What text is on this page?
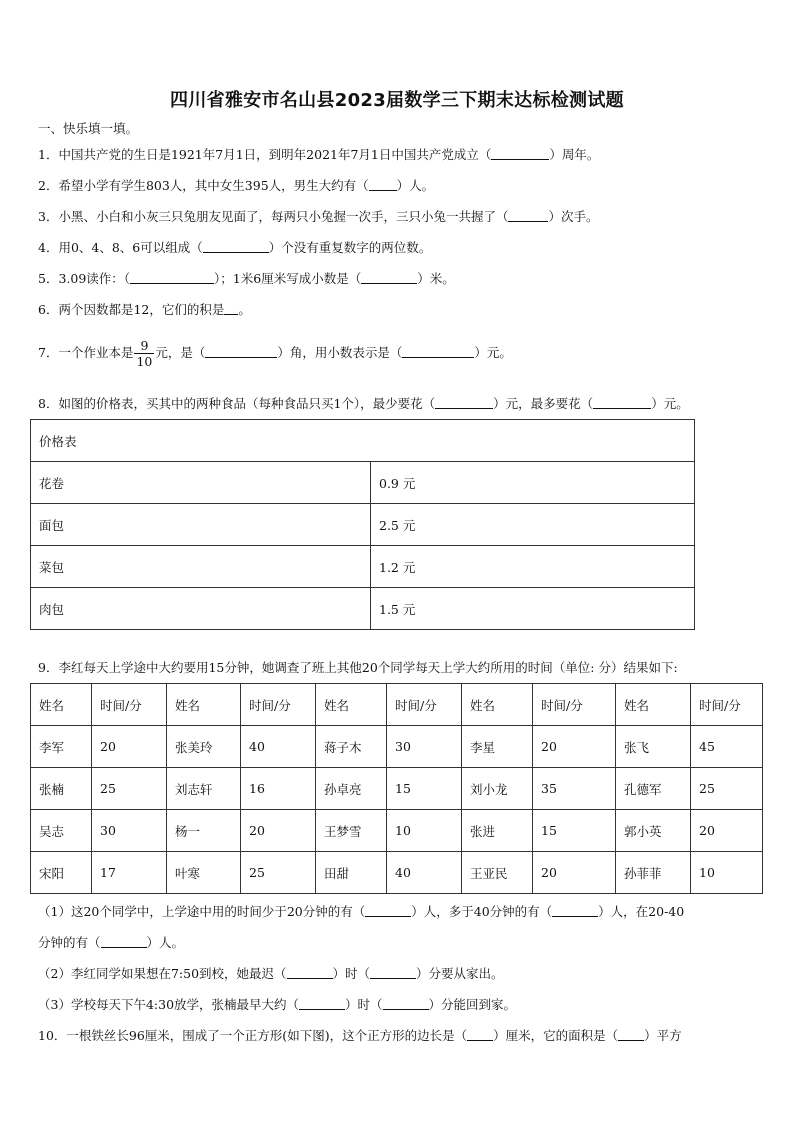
四川省雅安市名山县2023届数学三下期末达标检测试题
一、快乐填一填。
1．中国共产党的生日是1921年7月1日，到明年2021年7月1日中国共产党成立（	）周年。
2．希望小学有学生803人，其中女生395人，男生大约有（ ）人。
3．小黑、小白和小灰三只兔朋友见面了，每两只小兔握一次手，三只小兔一共握了（	）次手。
4．用0、4、8、6可以组成（	）个没有重复数字的两位数。
5．3.09读作：（	）；1米6厘米写成小数是（	）米。
6．两个因数都是12，它们的积是 。
7．一个作业本是 $\frac{9}{10}$ 元，是（	）角，用小数表示是（	）元。
8．如图的价格表，买其中的两种食品（每种食品只买1个），最少要花（	）元，最多要花（	）元。
价格表	
花卷	0.9 元
面包	2.5 元
菜包	1.2 元
肉包	1.5 元
9．李红每天上学途中大约要用15分钟，她调查了班上其他20个同学每天上学大约所用的时间（单位: 分）结果如下:
姓名	时间/分	姓名	时间/分	姓名	时间/分	姓名	时间/分	姓名	时间/分
李军	20	张美玲	40	蒋子木	30	李星	20	张飞	45
张楠	25	刘志轩	16	孙卓亮	15	刘小龙	35	孔德军	25
吴志	30	杨一	20	王梦雪	10	张进	15	郭小英	20
宋阳	17	叶寒	25	田甜	40	王亚民	20	孙菲菲	10
（1）这20个同学中，上学途中用的时间少于20分钟的有（	）人，多于40分钟的有（	）人，在20-40
分钟的有（	）人。
（2）李红同学如果想在7:50到校，她最迟（	）时（	）分要从家出。
（3）学校每天下午4:30放学，张楠最早大约（	）时（	）分能回到家。
10．一根铁丝长96厘米，围成了一个正方形(如下图)，这个正方形的边长是（ ）厘米，它的面积是（ ）平方
